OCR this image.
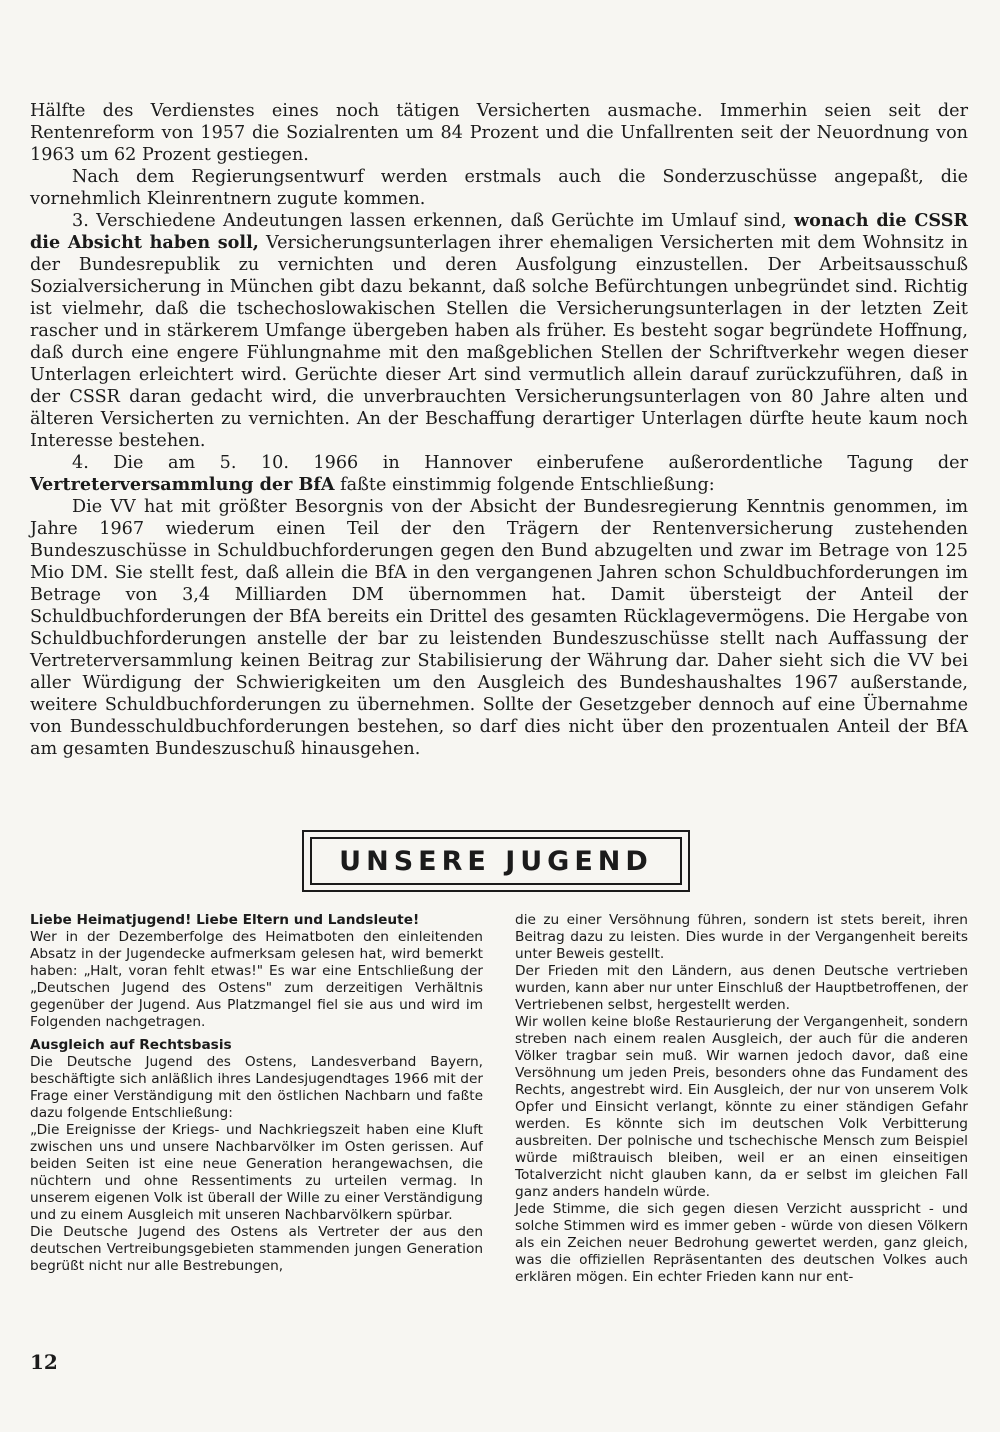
Hälfte des Verdienstes eines noch tätigen Versicherten ausmache. Immerhin seien seit der Rentenreform von 1957 die Sozialrenten um 84 Prozent und die Unfallrenten seit der Neuordnung von 1963 um 62 Prozent gestiegen.

Nach dem Regierungsentwurf werden erstmals auch die Sonderzuschüsse angepaßt, die vornehmlich Kleinrentnern zugute kommen.

3. Verschiedene Andeutungen lassen erkennen, daß Gerüchte im Umlauf sind, wonach die CSSR die Absicht haben soll, Versicherungsunterlagen ihrer ehemaligen Versicherten mit dem Wohnsitz in der Bundesrepublik zu vernichten und deren Ausfolgung einzustellen. Der Arbeitsausschuß Sozialversicherung in München gibt dazu bekannt, daß solche Befürchtungen unbegründet sind. Richtig ist vielmehr, daß die tschechoslowakischen Stellen die Versicherungsunterlagen in der letzten Zeit rascher und in stärkerem Umfange übergeben haben als früher. Es besteht sogar begründete Hoffnung, daß durch eine engere Fühlungnahme mit den maßgeblichen Stellen der Schriftverkehr wegen dieser Unterlagen erleichtert wird. Gerüchte dieser Art sind vermutlich allein darauf zurückzuführen, daß in der CSSR daran gedacht wird, die unverbrauchten Versicherungsunterlagen von 80 Jahre alten und älteren Versicherten zu vernichten. An der Beschaffung derartiger Unterlagen dürfte heute kaum noch Interesse bestehen.

4. Die am 5. 10. 1966 in Hannover einberufene außerordentliche Tagung der Vertreterversammlung der BfA faßte einstimmig folgende Entschließung:

Die VV hat mit größter Besorgnis von der Absicht der Bundesregierung Kenntnis genommen, im Jahre 1967 wiederum einen Teil der den Trägern der Rentenversicherung zustehenden Bundeszuschüsse in Schuldbuchforderungen gegen den Bund abzugelten und zwar im Betrage von 125 Mio DM. Sie stellt fest, daß allein die BfA in den vergangenen Jahren schon Schuldbuchforderungen im Betrage von 3,4 Milliarden DM übernommen hat. Damit übersteigt der Anteil der Schuldbuchforderungen der BfA bereits ein Drittel des gesamten Rücklagevermögens. Die Hergabe von Schuldbuchforderungen anstelle der bar zu leistenden Bundeszuschüsse stellt nach Auffassung der Vertreterversammlung keinen Beitrag zur Stabilisierung der Währung dar. Daher sieht sich die VV bei aller Würdigung der Schwierigkeiten um den Ausgleich des Bundeshaushaltes 1967 außerstande, weitere Schuldbuchforderungen zu übernehmen. Sollte der Gesetzgeber dennoch auf eine Übernahme von Bundesschuldbuchforderungen bestehen, so darf dies nicht über den prozentualen Anteil der BfA am gesamten Bundeszuschuß hinausgehen.

UNSERE JUGEND
Liebe Heimatjugend! Liebe Eltern und Landsleute!

Wer in der Dezemberfolge des Heimatboten den einleitenden Absatz in der Jugendecke aufmerksam gelesen hat, wird bemerkt haben: „Halt, voran fehlt etwas!" Es war eine Entschließung der „Deutschen Jugend des Ostens" zum derzeitigen Verhältnis gegenüber der Jugend. Aus Platzmangel fiel sie aus und wird im Folgenden nachgetragen.

Ausgleich auf Rechtsbasis

Die Deutsche Jugend des Ostens, Landesverband Bayern, beschäftigte sich anläßlich ihres Landesjugendtages 1966 mit der Frage einer Verständigung mit den östlichen Nachbarn und faßte dazu folgende Entschließung:

„Die Ereignisse der Kriegs- und Nachkriegszeit haben eine Kluft zwischen uns und unsere Nachbarvölker im Osten gerissen. Auf beiden Seiten ist eine neue Generation herangewachsen, die nüchtern und ohne Ressentiments zu urteilen vermag. In unserem eigenen Volk ist überall der Wille zu einer Verständigung und zu einem Ausgleich mit unseren Nachbarvölkern spürbar.

Die Deutsche Jugend des Ostens als Vertreter der aus den deutschen Vertreibungsgebieten stammenden jungen Generation begrüßt nicht nur alle Bestrebungen,

die zu einer Versöhnung führen, sondern ist stets bereit, ihren Beitrag dazu zu leisten. Dies wurde in der Vergangenheit bereits unter Beweis gestellt.

Der Frieden mit den Ländern, aus denen Deutsche vertrieben wurden, kann aber nur unter Einschluß der Hauptbetroffenen, der Vertriebenen selbst, hergestellt werden.

Wir wollen keine bloße Restaurierung der Vergangenheit, sondern streben nach einem realen Ausgleich, der auch für die anderen Völker tragbar sein muß. Wir warnen jedoch davor, daß eine Versöhnung um jeden Preis, besonders ohne das Fundament des Rechts, angestrebt wird. Ein Ausgleich, der nur von unserem Volk Opfer und Einsicht verlangt, könnte zu einer ständigen Gefahr werden. Es könnte sich im deutschen Volk Verbitterung ausbreiten. Der polnische und tschechische Mensch zum Beispiel würde mißtrauisch bleiben, weil er an einen einseitigen Totalverzicht nicht glauben kann, da er selbst im gleichen Fall ganz anders handeln würde.

Jede Stimme, die sich gegen diesen Verzicht ausspricht - und solche Stimmen wird es immer geben - würde von diesen Völkern als ein Zeichen neuer Bedrohung gewertet werden, ganz gleich, was die offiziellen Repräsentanten des deutschen Volkes auch erklären mögen. Ein echter Frieden kann nur ent-

12
